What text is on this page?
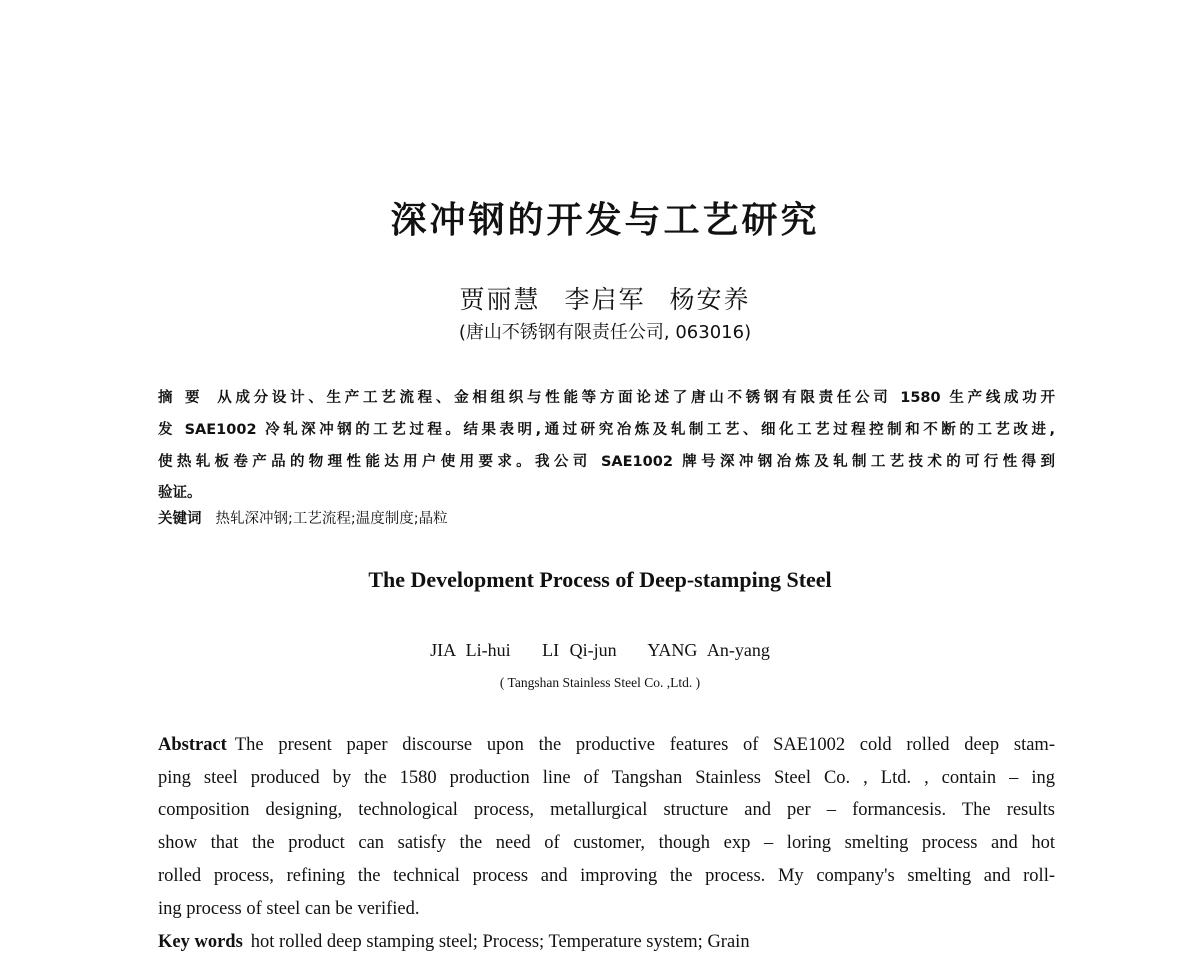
深冲钢的开发与工艺研究
贾丽慧 李启军 杨安养
(唐山不锈钢有限责任公司, 063016)
摘 要 从成分设计、生产工艺流程、金相组织与性能等方面论述了唐山不锈钢有限责任公司 1580 生产线成功开
发 SAE1002 冷轧深冲钢的工艺过程。结果表明,通过研究冶炼及轧制工艺、细化工艺过程控制和不断的工艺改进,
使热轧板卷产品的物理性能达用户使用要求。我公司 SAE1002 牌号深冲钢冶炼及轧制工艺技术的可行性得到
验证。
关键词 热轧深冲钢;工艺流程;温度制度;晶粒
The Development Process of Deep-stamping Steel
JIA Li-hui   LI Qi-jun   YANG An-yang
( Tangshan Stainless Steel Co. ,Ltd. )
Abstract The present paper discourse upon the productive features of SAE1002 cold rolled deep stam-
ping steel produced by the 1580 production line of Tangshan Stainless Steel Co. , Ltd. , contain – ing
composition designing, technological process, metallurgical structure and per – formancesis. The results
show that the product can satisfy the need of customer, though exp – loring smelting process and hot
rolled process, refining the technical process and improving the process. My company's smelting and roll-
ing process of steel can be verified.
Key words hot rolled deep stamping steel; Process; Temperature system; Grain
